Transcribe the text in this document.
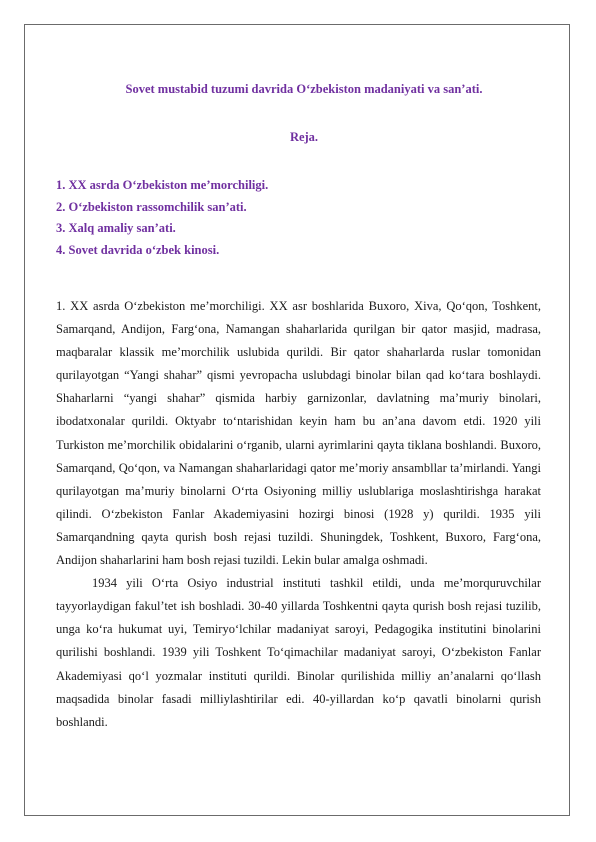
Sovet mustabid tuzumi davrida O‘zbekiston madaniyati va san’ati.
Reja.
1. XX asrda O‘zbekiston me’morchiligi.
2. O‘zbekiston rassomchilik san’ati.
3. Xalq amaliy san’ati.
4. Sovet davrida o‘zbek kinosi.

1. XX asrda O‘zbekiston me’morchiligi. XX asr boshlarida Buxoro, Xiva, Qo‘qon, Toshkent, Samarqand, Andijon, Farg‘ona, Namangan shaharlarida qurilgan bir qator masjid, madrasa, maqbaralar klassik me’morchilik uslubida qurildi. Bir qator shaharlarda ruslar tomonidan qurilayotgan “Yangi shahar” qismi yevropacha uslubdagi binolar bilan qad ko‘tara boshlaydi. Shaharlarni “yangi shahar” qismida harbiy garnizonlar, davlatning ma’muriy binolari, ibodatxonalar qurildi. Oktyabr to‘ntarishidan keyin ham bu an’ana davom etdi. 1920 yili Turkiston me’morchilik obidalarini o‘rganib, ularni ayrimlarini qayta tiklana boshlandi. Buxoro, Samarqand, Qo‘qon, va Namangan shaharlaridagi qator me’moriy ansambllar ta’mirlandi. Yangi qurilayotgan ma’muriy binolarni O‘rta Osiyoning milliy uslublariga moslashtirishga harakat qilindi. O‘zbekiston Fanlar Akademiyasini hozirgi binosi (1928 y) qurildi. 1935 yili Samarqandning qayta qurish bosh rejasi tuzildi. Shuningdek, Toshkent, Buxoro, Farg‘ona, Andijon shaharlarini ham bosh rejasi tuzildi. Lekin bular amalga oshmadi.

1934 yili O‘rta Osiyo industrial instituti tashkil etildi, unda me’morquruvchilar tayyorlaydigan fakul’tet ish boshladi. 30-40 yillarda Toshkentni qayta qurish bosh rejasi tuzilib, unga ko‘ra hukumat uyi, Temiryo‘lchilar madaniyat saroyi, Pedagogika institutini binolarini qurilishi boshlandi. 1939 yili Toshkent To‘qimachilar madaniyat saroyi, O‘zbekiston Fanlar Akademiyasi qo‘l yozmalar instituti qurildi. Binolar qurilishida milliy an’analarni qo‘llash maqsadida binolar fasadi milliylashtirilar edi. 40-yillardan ko‘p qavatli binolarni qurish boshlandi.
